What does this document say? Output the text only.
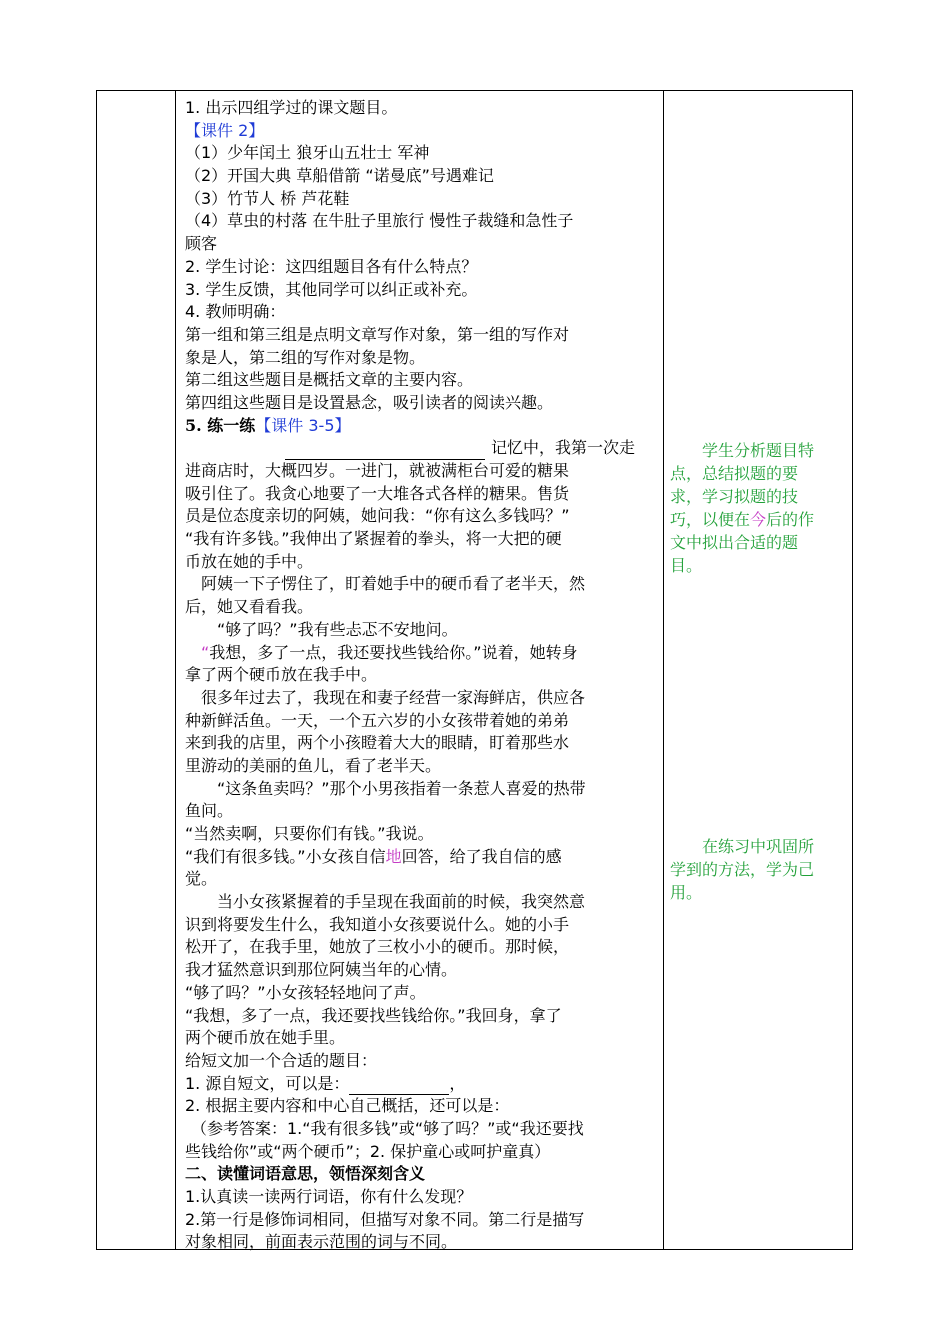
1. 出示四组学过的课文题目。
【课件 2】
（1）少年闰土 狼牙山五壮士 军神
（2）开国大典 草船借箭 “诺曼底”号遇难记
（3）竹节人 桥 芦花鞋
（4）草虫的村落 在牛肚子里旅行 慢性子裁缝和急性子
顾客
2. 学生讨论：这四组题目各有什么特点？
3. 学生反馈，其他同学可以纠正或补充。
4. 教师明确：
第一组和第三组是点明文章写作对象，第一组的写作对
象是人，第二组的写作对象是物。
第二组这些题目是概括文章的主要内容。
第四组这些题目是设置悬念，吸引读者的阅读兴趣。
5. 练一练【课件 3-5】
记忆中，我第一次走
进商店时，大概四岁。一进门，就被满柜台可爱的糖果
吸引住了。我贪心地要了一大堆各式各样的糖果。售货
员是位态度亲切的阿姨，她问我：“你有这么多钱吗？”
“我有许多钱。”我伸出了紧握着的拳头，将一大把的硬
币放在她的手中。
阿姨一下子愣住了，盯着她手中的硬币看了老半天，然
后，她又看看我。
“够了吗？”我有些忐忑不安地问。
“我想，多了一点，我还要找些钱给你。”说着，她转身
拿了两个硬币放在我手中。
很多年过去了，我现在和妻子经营一家海鲜店，供应各
种新鲜活鱼。一天，一个五六岁的小女孩带着她的弟弟
来到我的店里，两个小孩瞪着大大的眼睛，盯着那些水
里游动的美丽的鱼儿，看了老半天。
“这条鱼卖吗？”那个小男孩指着一条惹人喜爱的热带
鱼问。
“当然卖啊，只要你们有钱。”我说。
“我们有很多钱。”小女孩自信地回答，给了我自信的感
觉。
当小女孩紧握着的手呈现在我面前的时候，我突然意
识到将要发生什么，我知道小女孩要说什么。她的小手
松开了，在我手里，她放了三枚小小的硬币。那时候，
我才猛然意识到那位阿姨当年的心情。
“够了吗？”小女孩轻轻地问了声。
“我想，多了一点，我还要找些钱给你。”我回身，拿了
两个硬币放在她手里。
给短文加一个合适的题目：
1. 源自短文，可以是：	，
2. 根据主要内容和中心自己概括，还可以是：
（参考答案：1.“我有很多钱”或“够了吗？”或“我还要找
些钱给你”或“两个硬币”；2. 保护童心或呵护童真）
二、读懂词语意思，领悟深刻含义
1.认真读一读两行词语，你有什么发现？
2.第一行是修饰词相同，但描写对象不同。第二行是描写
对象相同，前面表示范围的词与不同。
学生分析题目特
点，总结拟题的要
求，学习拟题的技
巧，以便在今后的作
文中拟出合适的题
目。
在练习中巩固所
学到的方法，学为己
用。
